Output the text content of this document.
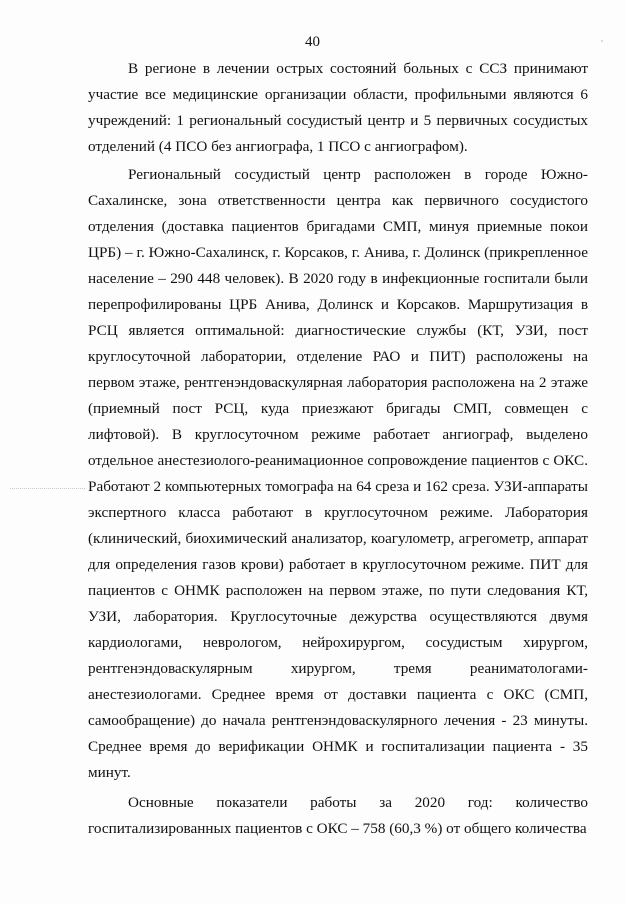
40

В регионе в лечении острых состояний больных с ССЗ принимают участие все медицинские организации области, профильными являются 6 учреждений: 1 региональный сосудистый центр и 5 первичных сосудистых отделений (4 ПСО без ангиографа, 1 ПСО с ангиографом).

Региональный сосудистый центр расположен в городе Южно-Сахалинске, зона ответственности центра как первичного сосудистого отделения (доставка пациентов бригадами СМП, минуя приемные покои ЦРБ) – г. Южно-Сахалинск, г. Корсаков, г. Анива, г. Долинск (прикрепленное население – 290 448 человек). В 2020 году в инфекционные госпитали были перепрофилированы ЦРБ Анива, Долинск и Корсаков. Маршрутизация в РСЦ является оптимальной: диагностические службы (КТ, УЗИ, пост круглосуточной лаборатории, отделение РАО и ПИТ) расположены на первом этаже, рентгенэндоваскулярная лаборатория расположена на 2 этаже (приемный пост РСЦ, куда приезжают бригады СМП, совмещен с лифтовой). В круглосуточном режиме работает ангиограф, выделено отдельное анестезиолого-реанимационное сопровождение пациентов с ОКС. Работают 2 компьютерных томографа на 64 среза и 162 среза. УЗИ-аппараты экспертного класса работают в круглосуточном режиме. Лаборатория (клинический, биохимический анализатор, коагулометр, агрегометр, аппарат для определения газов крови) работает в круглосуточном режиме. ПИТ для пациентов с ОНМК расположен на первом этаже, по пути следования КТ, УЗИ, лаборатория. Круглосуточные дежурства осуществляются двумя кардиологами, неврологом, нейрохирургом, сосудистым хирургом, рентгенэндоваскулярным хирургом, тремя реаниматологами-анестезиологами. Среднее время от доставки пациента с ОКС (СМП, самообращение) до начала рентгенэндоваскулярного лечения - 23 минуты. Среднее время до верификации ОНМК и госпитализации пациента - 35 минут.

Основные показатели работы за 2020 год: количество госпитализированных пациентов с ОКС – 758 (60,3 %) от общего количества
